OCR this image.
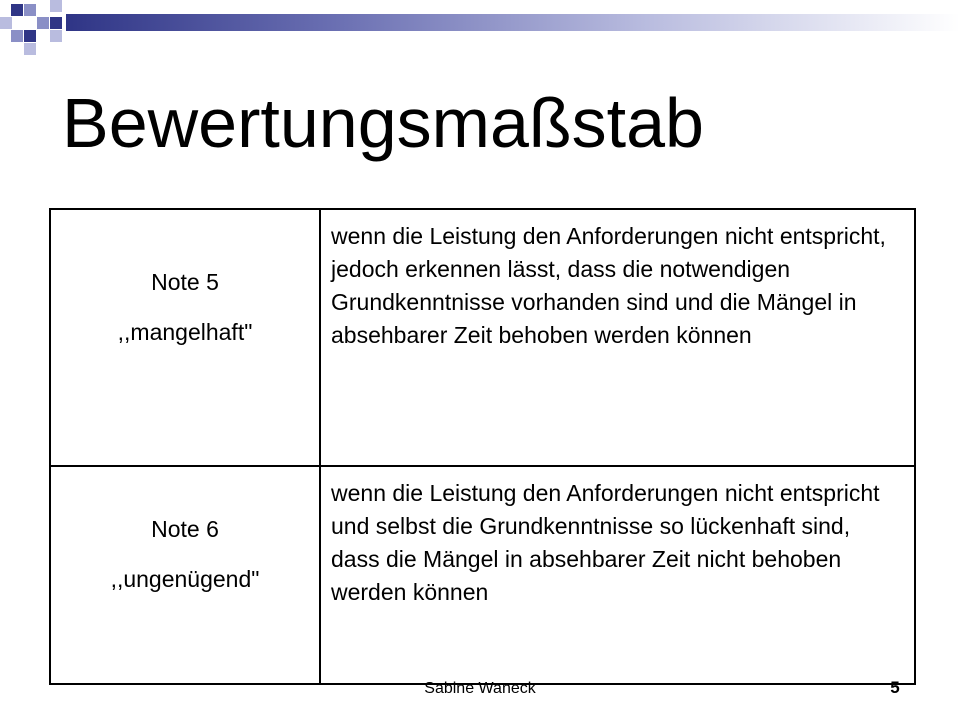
Bewertungsmaßstab

Note 5

,,mangelhaft"	wenn die Leistung den Anforderungen nicht entspricht, jedoch erkennen lässt, dass die notwendigen Grundkenntnisse vorhanden sind und die Mängel in absehbarer Zeit behoben werden können

Note 6

,,ungenügend"	wenn die Leistung den Anforderungen nicht entspricht und selbst die Grundkenntnisse so lückenhaft sind, dass die Mängel in absehbarer Zeit nicht behoben werden können
Sabine Waneck	5
